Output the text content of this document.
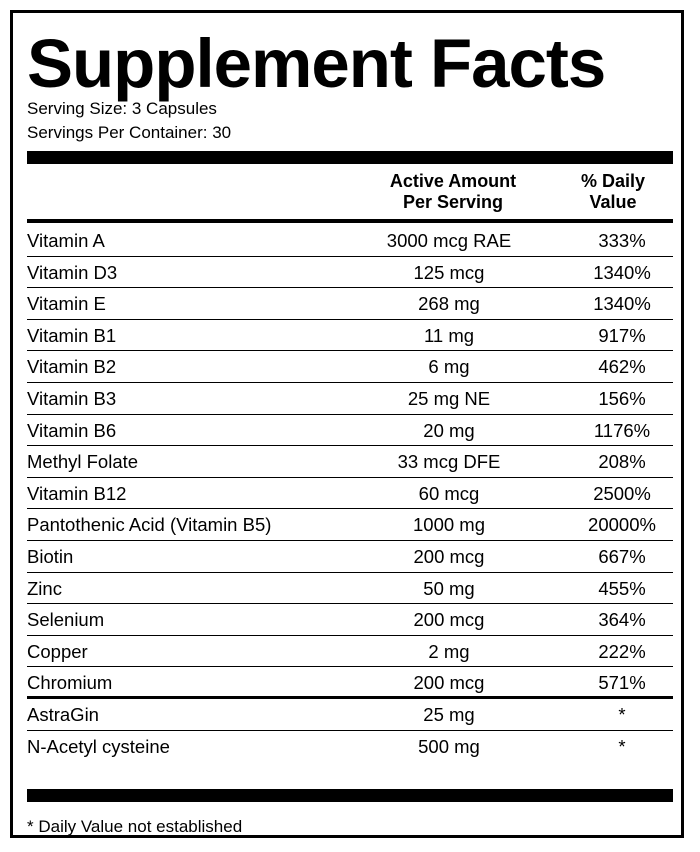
Supplement Facts
Serving Size: 3 Capsules
Servings Per Container: 30
Active Amount
Per Serving
% Daily
Value
Vitamin A	3000 mcg RAE	333%
Vitamin D3	125 mcg	1340%
Vitamin E	268 mg	1340%
Vitamin B1	11 mg	917%
Vitamin B2	6 mg	462%
Vitamin B3	25 mg NE	156%
Vitamin B6	20 mg	1176%
Methyl Folate	33 mcg DFE	208%
Vitamin B12	60 mcg	2500%
Pantothenic Acid (Vitamin B5)	1000 mg	20000%
Biotin	200 mcg	667%
Zinc	50 mg	455%
Selenium	200 mcg	364%
Copper	2 mg	222%
Chromium	200 mcg	571%
AstraGin	25 mg	*
N-Acetyl cysteine	500 mg	*
* Daily Value not established
